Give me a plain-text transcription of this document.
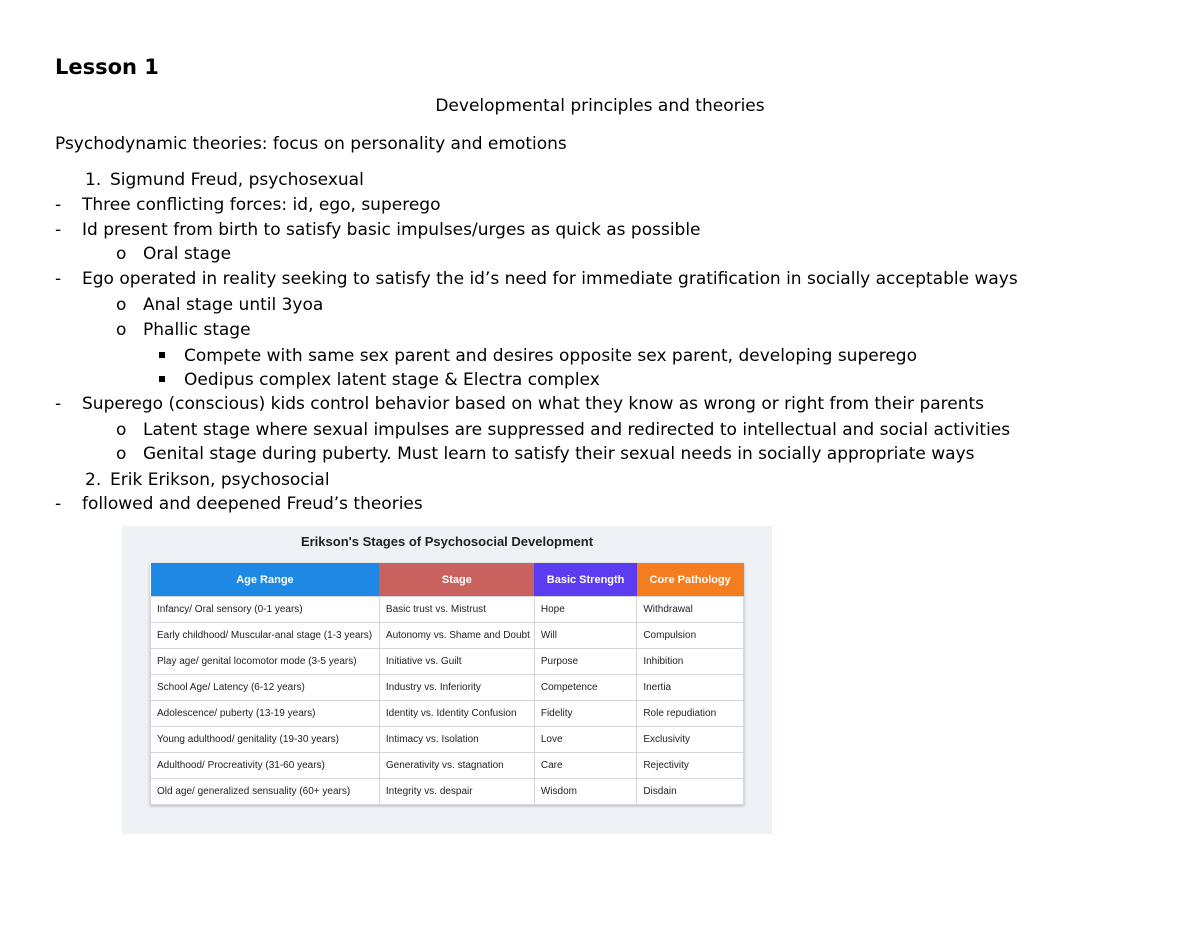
Lesson 1
Developmental principles and theories
Psychodynamic theories: focus on personality and emotions
1. Sigmund Freud, psychosexual
- Three conflicting forces: id, ego, superego
- Id present from birth to satisfy basic impulses/urges as quick as possible
o Oral stage
- Ego operated in reality seeking to satisfy the id’s need for immediate gratification in socially acceptable ways
o Anal stage until 3yoa
o Phallic stage
Compete with same sex parent and desires opposite sex parent, developing superego
Oedipus complex latent stage & Electra complex
- Superego (conscious) kids control behavior based on what they know as wrong or right from their parents
o Latent stage where sexual impulses are suppressed and redirected to intellectual and social activities
o Genital stage during puberty. Must learn to satisfy their sexual needs in socially appropriate ways
2. Erik Erikson, psychosocial
- followed and deepened Freud’s theories
Erikson's Stages of Psychosocial Development
Age Range	Stage	Basic Strength	Core Pathology
Infancy/ Oral sensory (0-1 years)	Basic trust vs. Mistrust	Hope	Withdrawal
Early childhood/ Muscular-anal stage (1-3 years)	Autonomy vs. Shame and Doubt	Will	Compulsion
Play age/ genital locomotor mode (3-5 years)	Initiative vs. Guilt	Purpose	Inhibition
School Age/ Latency (6-12 years)	Industry vs. Inferiority	Competence	Inertia
Adolescence/ puberty (13-19 years)	Identity vs. Identity Confusion	Fidelity	Role repudiation
Young adulthood/ genitality (19-30 years)	Intimacy vs. Isolation	Love	Exclusivity
Adulthood/ Procreativity (31-60 years)	Generativity vs. stagnation	Care	Rejectivity
Old age/ generalized sensuality (60+ years)	Integrity vs. despair	Wisdom	Disdain
